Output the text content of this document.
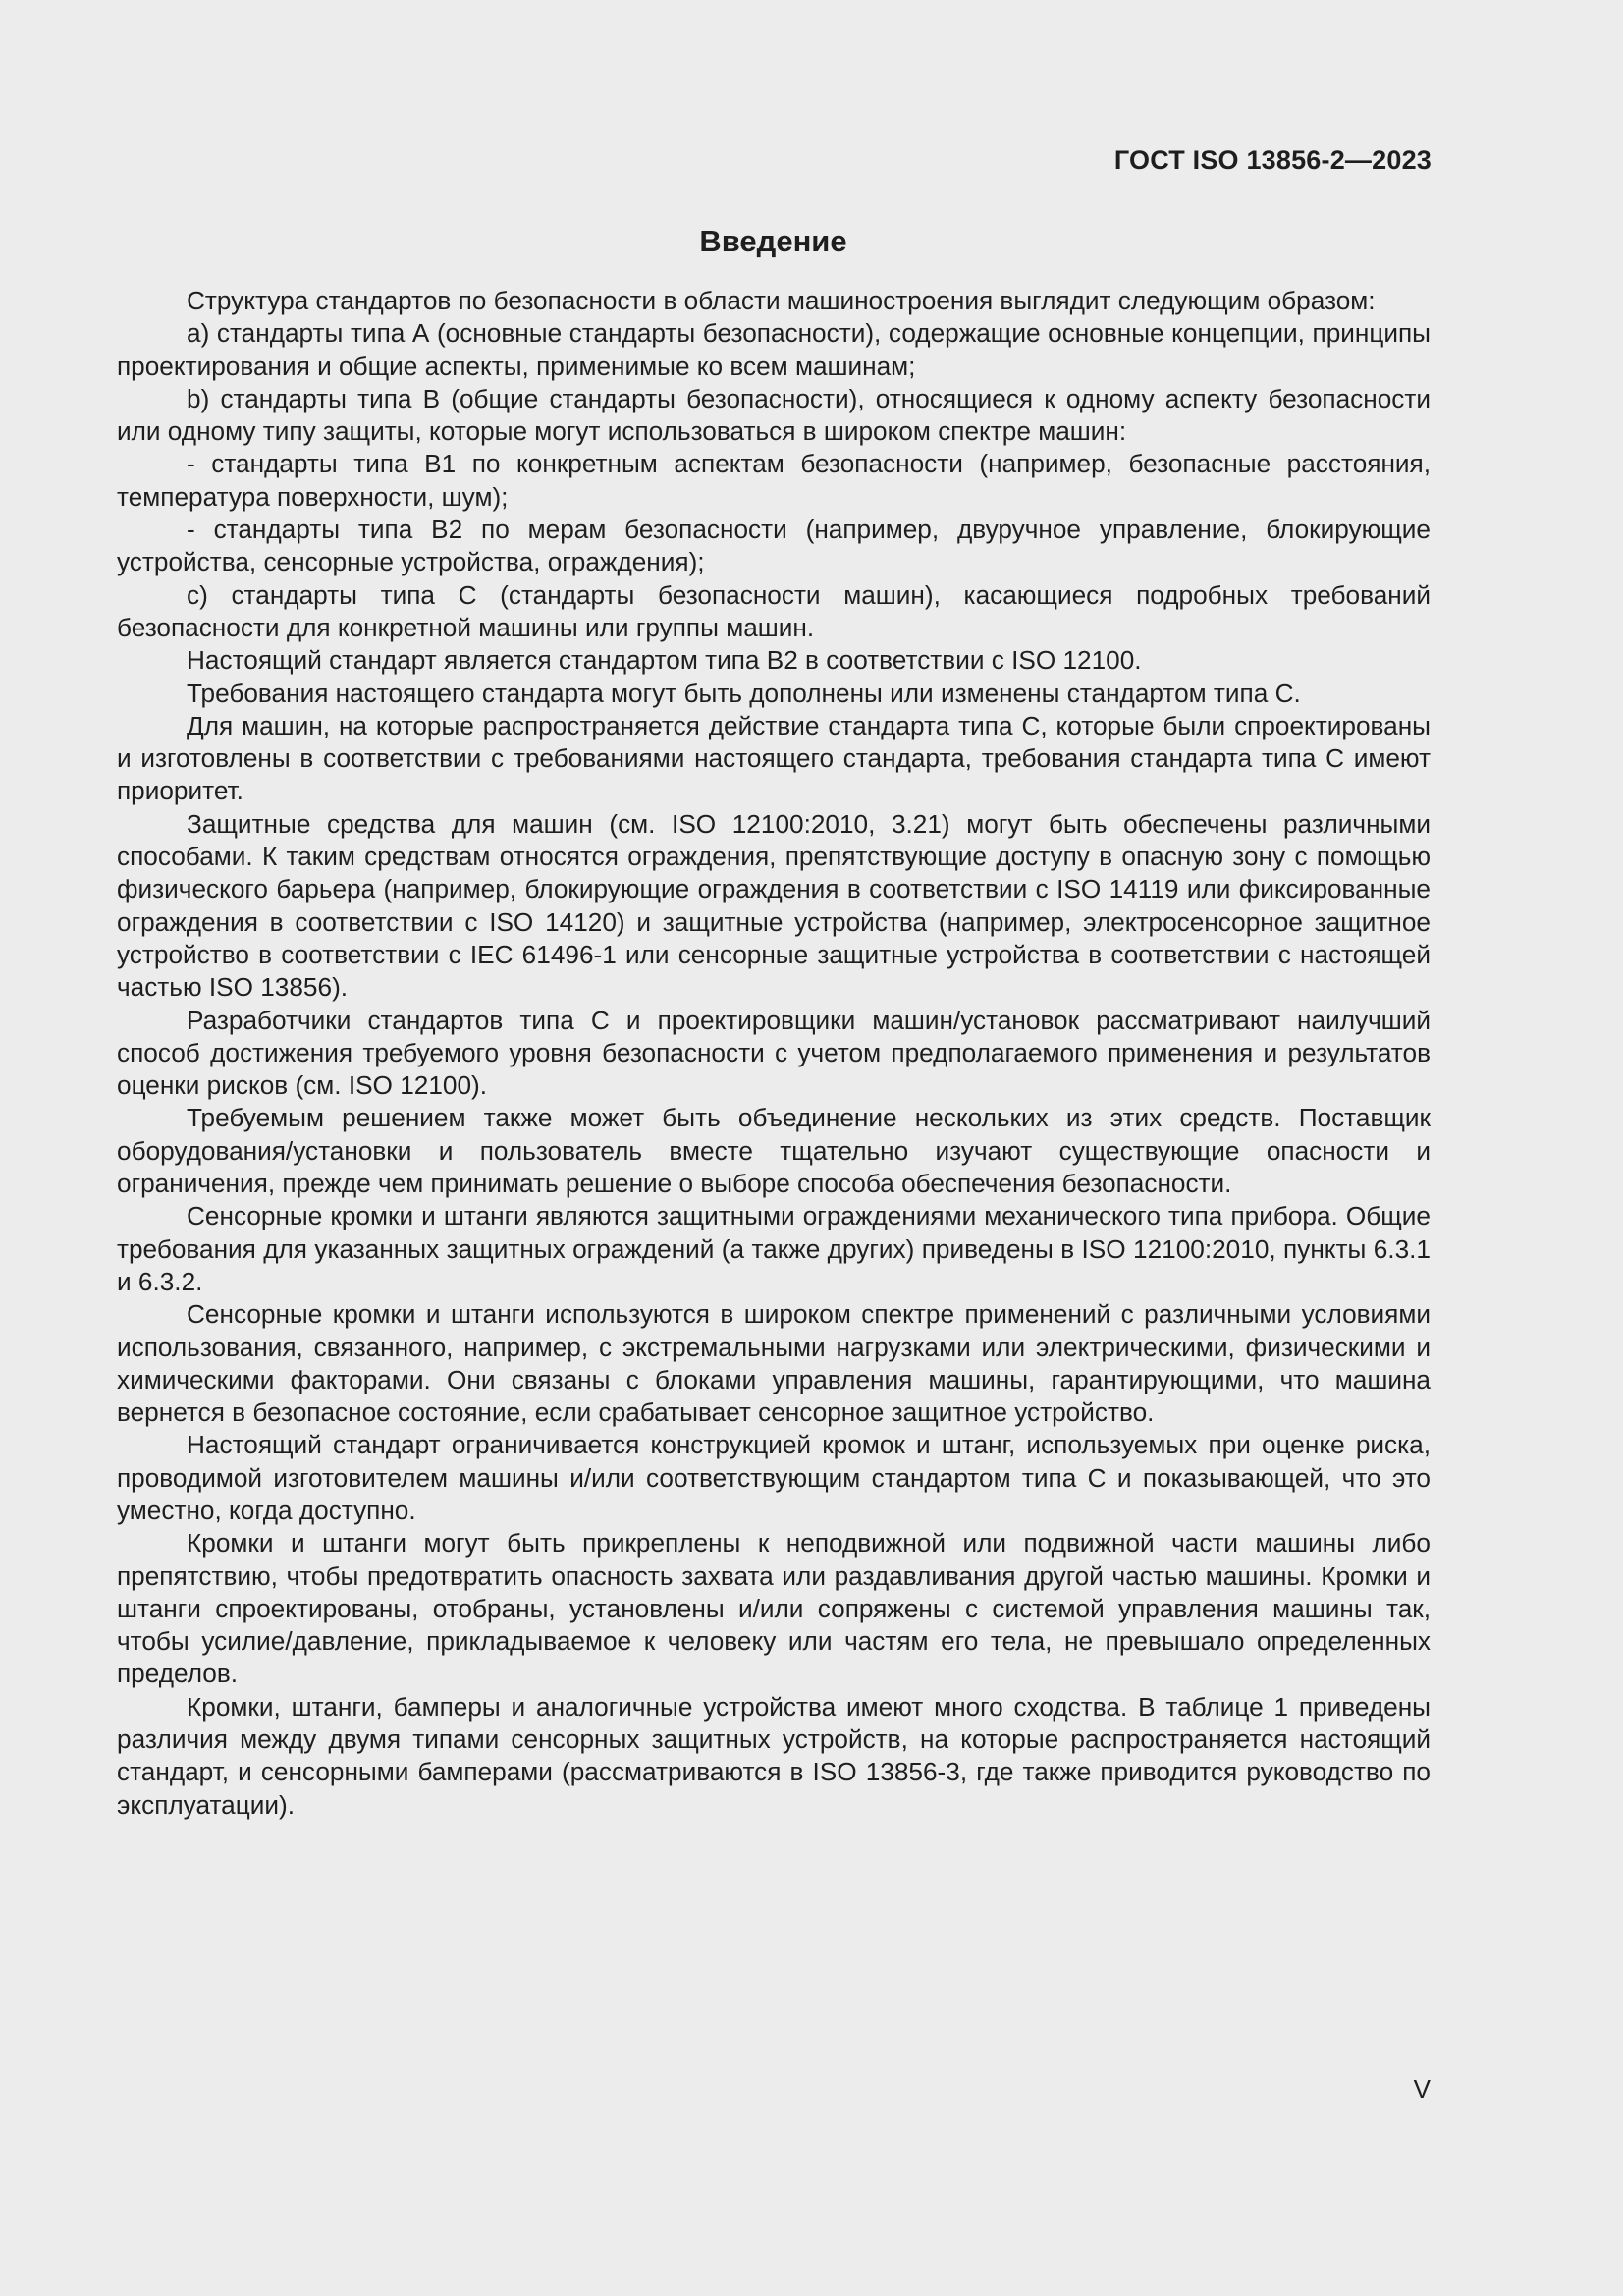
ГОСТ ISO 13856-2—2023
Введение

Структура стандартов по безопасности в области машиностроения выглядит следующим образом:

a) стандарты типа А (основные стандарты безопасности), содержащие основные концепции, принципы проектирования и общие аспекты, применимые ко всем машинам;

b) стандарты типа В (общие стандарты безопасности), относящиеся к одному аспекту безопасности или одному типу защиты, которые могут использоваться в широком спектре машин:

- стандарты типа В1 по конкретным аспектам безопасности (например, безопасные расстояния, температура поверхности, шум);

- стандарты типа В2 по мерам безопасности (например, двуручное управление, блокирующие устройства, сенсорные устройства, ограждения);

c) стандарты типа С (стандарты безопасности машин), касающиеся подробных требований безопасности для конкретной машины или группы машин.

Настоящий стандарт является стандартом типа В2 в соответствии с ISO 12100.

Требования настоящего стандарта могут быть дополнены или изменены стандартом типа С.

Для машин, на которые распространяется действие стандарта типа С, которые были спроектированы и изготовлены в соответствии с требованиями настоящего стандарта, требования стандарта типа С имеют приоритет.

Защитные средства для машин (см. ISO 12100:2010, 3.21) могут быть обеспечены различными способами. К таким средствам относятся ограждения, препятствующие доступу в опасную зону с помощью физического барьера (например, блокирующие ограждения в соответствии с ISO 14119 или фиксированные ограждения в соответствии с ISO 14120) и защитные устройства (например, электросенсорное защитное устройство в соответствии с IEC 61496-1 или сенсорные защитные устройства в соответствии с настоящей частью ISO 13856).

Разработчики стандартов типа С и проектировщики машин/установок рассматривают наилучший способ достижения требуемого уровня безопасности с учетом предполагаемого применения и результатов оценки рисков (см. ISO 12100).

Требуемым решением также может быть объединение нескольких из этих средств. Поставщик оборудования/установки и пользователь вместе тщательно изучают существующие опасности и ограничения, прежде чем принимать решение о выборе способа обеспечения безопасности.

Сенсорные кромки и штанги являются защитными ограждениями механического типа прибора. Общие требования для указанных защитных ограждений (а также других) приведены в ISO 12100:2010, пункты 6.3.1 и 6.3.2.

Сенсорные кромки и штанги используются в широком спектре применений с различными условиями использования, связанного, например, с экстремальными нагрузками или электрическими, физическими и химическими факторами. Они связаны с блоками управления машины, гарантирующими, что машина вернется в безопасное состояние, если срабатывает сенсорное защитное устройство.

Настоящий стандарт ограничивается конструкцией кромок и штанг, используемых при оценке риска, проводимой изготовителем машины и/или соответствующим стандартом типа С и показывающей, что это уместно, когда доступно.

Кромки и штанги могут быть прикреплены к неподвижной или подвижной части машины либо препятствию, чтобы предотвратить опасность захвата или раздавливания другой частью машины. Кромки и штанги спроектированы, отобраны, установлены и/или сопряжены с системой управления машины так, чтобы усилие/давление, прикладываемое к человеку или частям его тела, не превышало определенных пределов.

Кромки, штанги, бамперы и аналогичные устройства имеют много сходства. В таблице 1 приведены различия между двумя типами сенсорных защитных устройств, на которые распространяется настоящий стандарт, и сенсорными бамперами (рассматриваются в ISO 13856-3, где также приводится руководство по эксплуатации).

V
